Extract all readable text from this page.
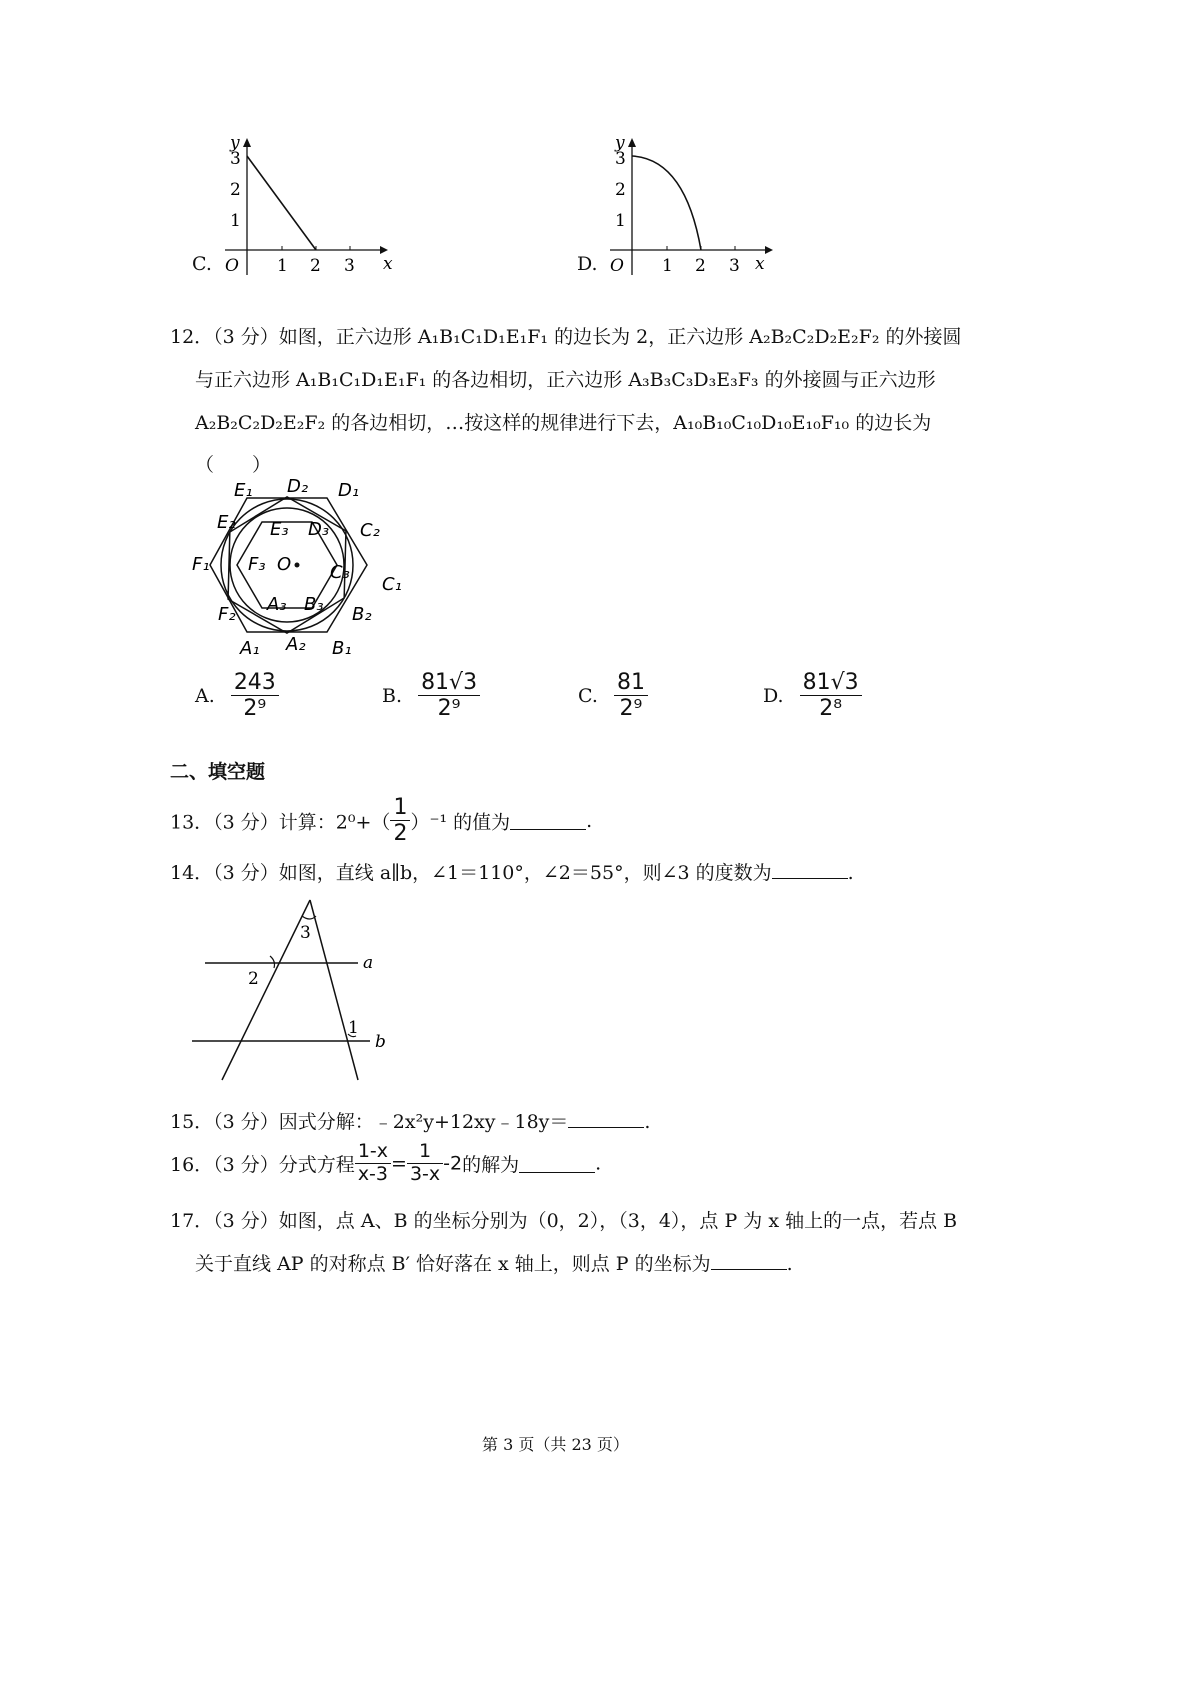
C.
y
x
O
3
2
1
1 2 3	D.
y
x
O
3
2
1
1 2 3
12．（3 分）如图，正六边形 A₁B₁C₁D₁E₁F₁ 的边长为 2，正六边形 A₂B₂C₂D₂E₂F₂ 的外接圆
与正六边形 A₁B₁C₁D₁E₁F₁ 的各边相切，正六边形 A₃B₃C₃D₃E₃F₃ 的外接圆与正六边形
A₂B₂C₂D₂E₂F₂ 的各边相切，…按这样的规律进行下去，A₁₀B₁₀C₁₀D₁₀E₁₀F₁₀ 的边长为
（　　）
E₁ D₂ D₁
E₂	C₂
E₃ D₃
F₁ F₃ O C₃
C₁
A₃ B₃
F₂	B₂
A₁ A₂ B₁
A. $\frac{243}{\text{2⁹}}$	B. $\frac{81√3}{\text{2⁹}}$	C. $\frac{81}{\text{2⁹}}$	D. $\frac{81√3}{\text{2⁸}}$
二、填空题
13．（3 分）计算：$2^0+( \frac{1}{2} )^{-1}$ 的值为	.
14．（3 分）如图，直线 a∥b，∠1＝110°，∠2＝55°，则∠3 的度数为	.
3
2
1
a
b
15．（3 分）因式分解：﹣2x²y+12xy﹣18y＝	.
16．（3 分）分式方程 $\frac{1-x}{x-3} = \frac{1}{3-x} -2$的解为	.
17．（3 分）如图，点 A、B 的坐标分别为（0，2），（3，4），点 P 为 x 轴上的一点，若点 B
关于直线 AP 的对称点 B′ 恰好落在 x 轴上，则点 P 的坐标为	.
第 3 页（共 23 页）
